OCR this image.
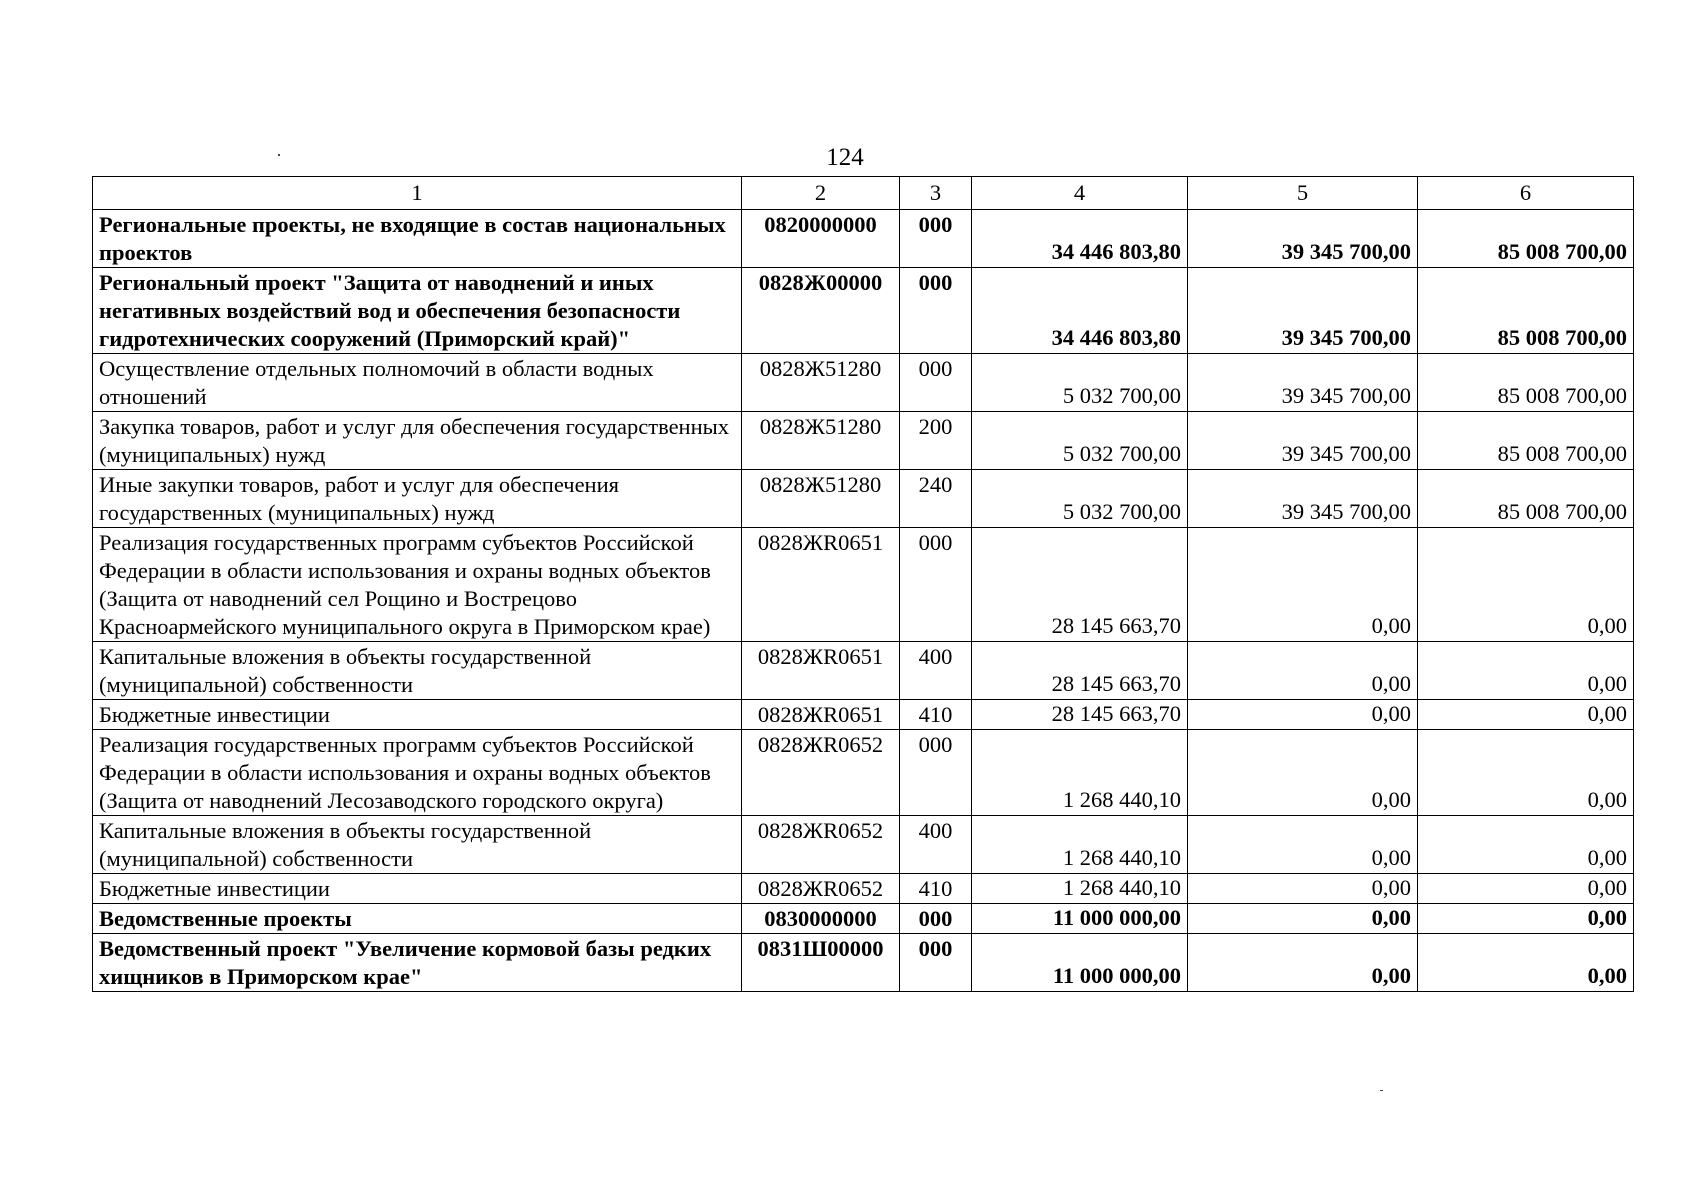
124
1	2	3	4	5	6
Региональные проекты, не входящие в состав национальных проектов	0820000000	000	34 446 803,80	39 345 700,00	85 008 700,00
Региональный проект "Защита от наводнений и иных негативных воздействий вод и обеспечения безопасности гидротехнических сооружений (Приморский край)"	0828Ж00000	000	34 446 803,80	39 345 700,00	85 008 700,00
Осуществление отдельных полномочий в области водных отношений	0828Ж51280	000	5 032 700,00	39 345 700,00	85 008 700,00
Закупка товаров, работ и услуг для обеспечения государственных (муниципальных) нужд	0828Ж51280	200	5 032 700,00	39 345 700,00	85 008 700,00
Иные закупки товаров, работ и услуг для обеспечения государственных (муниципальных) нужд	0828Ж51280	240	5 032 700,00	39 345 700,00	85 008 700,00
Реализация государственных программ субъектов Российской Федерации в области использования и охраны водных объектов (Защита от наводнений сел Рощино и Вострецово Красноармейского муниципального округа в Приморском крае)	0828ЖR0651	000	28 145 663,70	0,00	0,00
Капитальные вложения в объекты государственной (муниципальной) собственности	0828ЖR0651	400	28 145 663,70	0,00	0,00
Бюджетные инвестиции	0828ЖR0651	410	28 145 663,70	0,00	0,00
Реализация государственных программ субъектов Российской Федерации в области использования и охраны водных объектов (Защита от наводнений Лесозаводского городского округа)	0828ЖR0652	000	1 268 440,10	0,00	0,00
Капитальные вложения в объекты государственной (муниципальной) собственности	0828ЖR0652	400	1 268 440,10	0,00	0,00
Бюджетные инвестиции	0828ЖR0652	410	1 268 440,10	0,00	0,00
Ведомственные проекты	0830000000	000	11 000 000,00	0,00	0,00
Ведомственный проект "Увеличение кормовой базы редких хищников в Приморском крае"	0831Ш00000	000	11 000 000,00	0,00	0,00
